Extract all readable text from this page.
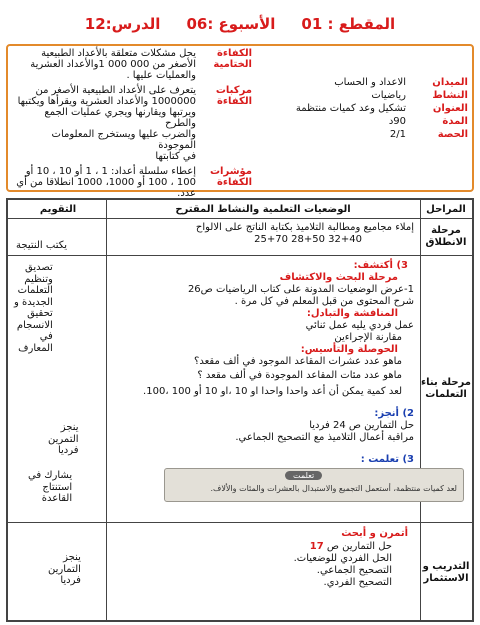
المقطع : 01
الأسبوع :06
الدرس:12
الميدان
الاعداد و الحساب
النشاط
رياضيات
العنوان
تشكيل وعد كميات منتظمة
المدة
90د
الحصة
2/1
الكفاءة الختامية
يحل مشكلات متعلقة بالأعداد الطبيعية
الأصغر من 000 000 1والأعداد العشرية
والعمليات عليها .
مركبات الكفاءة
يتعرف على الأعداد الطبيعية الأصغر من
1000000 والأعداد العشرية ويقرأها ويكتبها
ويرتبها ويقارنها ويجري عمليات الجمع والطرح
والضرب عليها ويستخرج المعلومات الموجودة
في كتابتها
مؤشرات الكفاءة
إعطاء سلسلة أعداد: 1 ، 1 أو 10 ، 10 أو
100 ، 100 أو 1000، 1000 انطلاقا من أي
عدد.
المراحل
الوضعيات التعلمية والنشاط المقترح
التقويم
مرحلة الانطلاق
إملاء مجاميع ومطالبة التلاميذ بكتابة الناتج على الالواح
32+40 28+50 25+70
يكتب النتيجة
مرحلة بناء التعلمات
3) أكتشف:
مرحلة البحث والاكتشاف
1-عرض الوضعيات المدونة على كتاب الرياضيات ص26
شرح المحتوى من قبل المعلم في كل مرة .
المنافشة والتبادل:
عمل فردي يليه عمل ثنائي
مقارنة الإجراءين
الحوصلة والتأسيس:
ماهو عدد عشرات المقاعد الموجود في ألف مقعد؟
ماهو عدد مئات المقاعد الموجودة في ألف مقعد ؟
لعد كمية يمكن أن أعد واحدا واحدا او 10 ،او 10 أو 100 ،100.
2) أنجز:
حل التمارين ص 24 فرديا
مراقبة أعمال التلاميذ مع التصحيح الجماعي.
3) تعلمت :
تعلمت
لعد كميات منتظمة، أستعمل التجميع والاستبدال بالعشرات والمئات والألاف.
تصديق
وتنظيم
التعلمات
الجديدة و
تحقيق
الانسجام
في
المعارف
ينجز
التمرين
فرديا
يشارك في
استنتاج
القاعدة
التدريب و الاستثمار
أتمرن و أبحث
حل التمارين ص 17
الحل الفردي للوضعيات.
التصحيح الجماعي.
التصحيح الفردي.
ينجز
التمارين
فرديا
